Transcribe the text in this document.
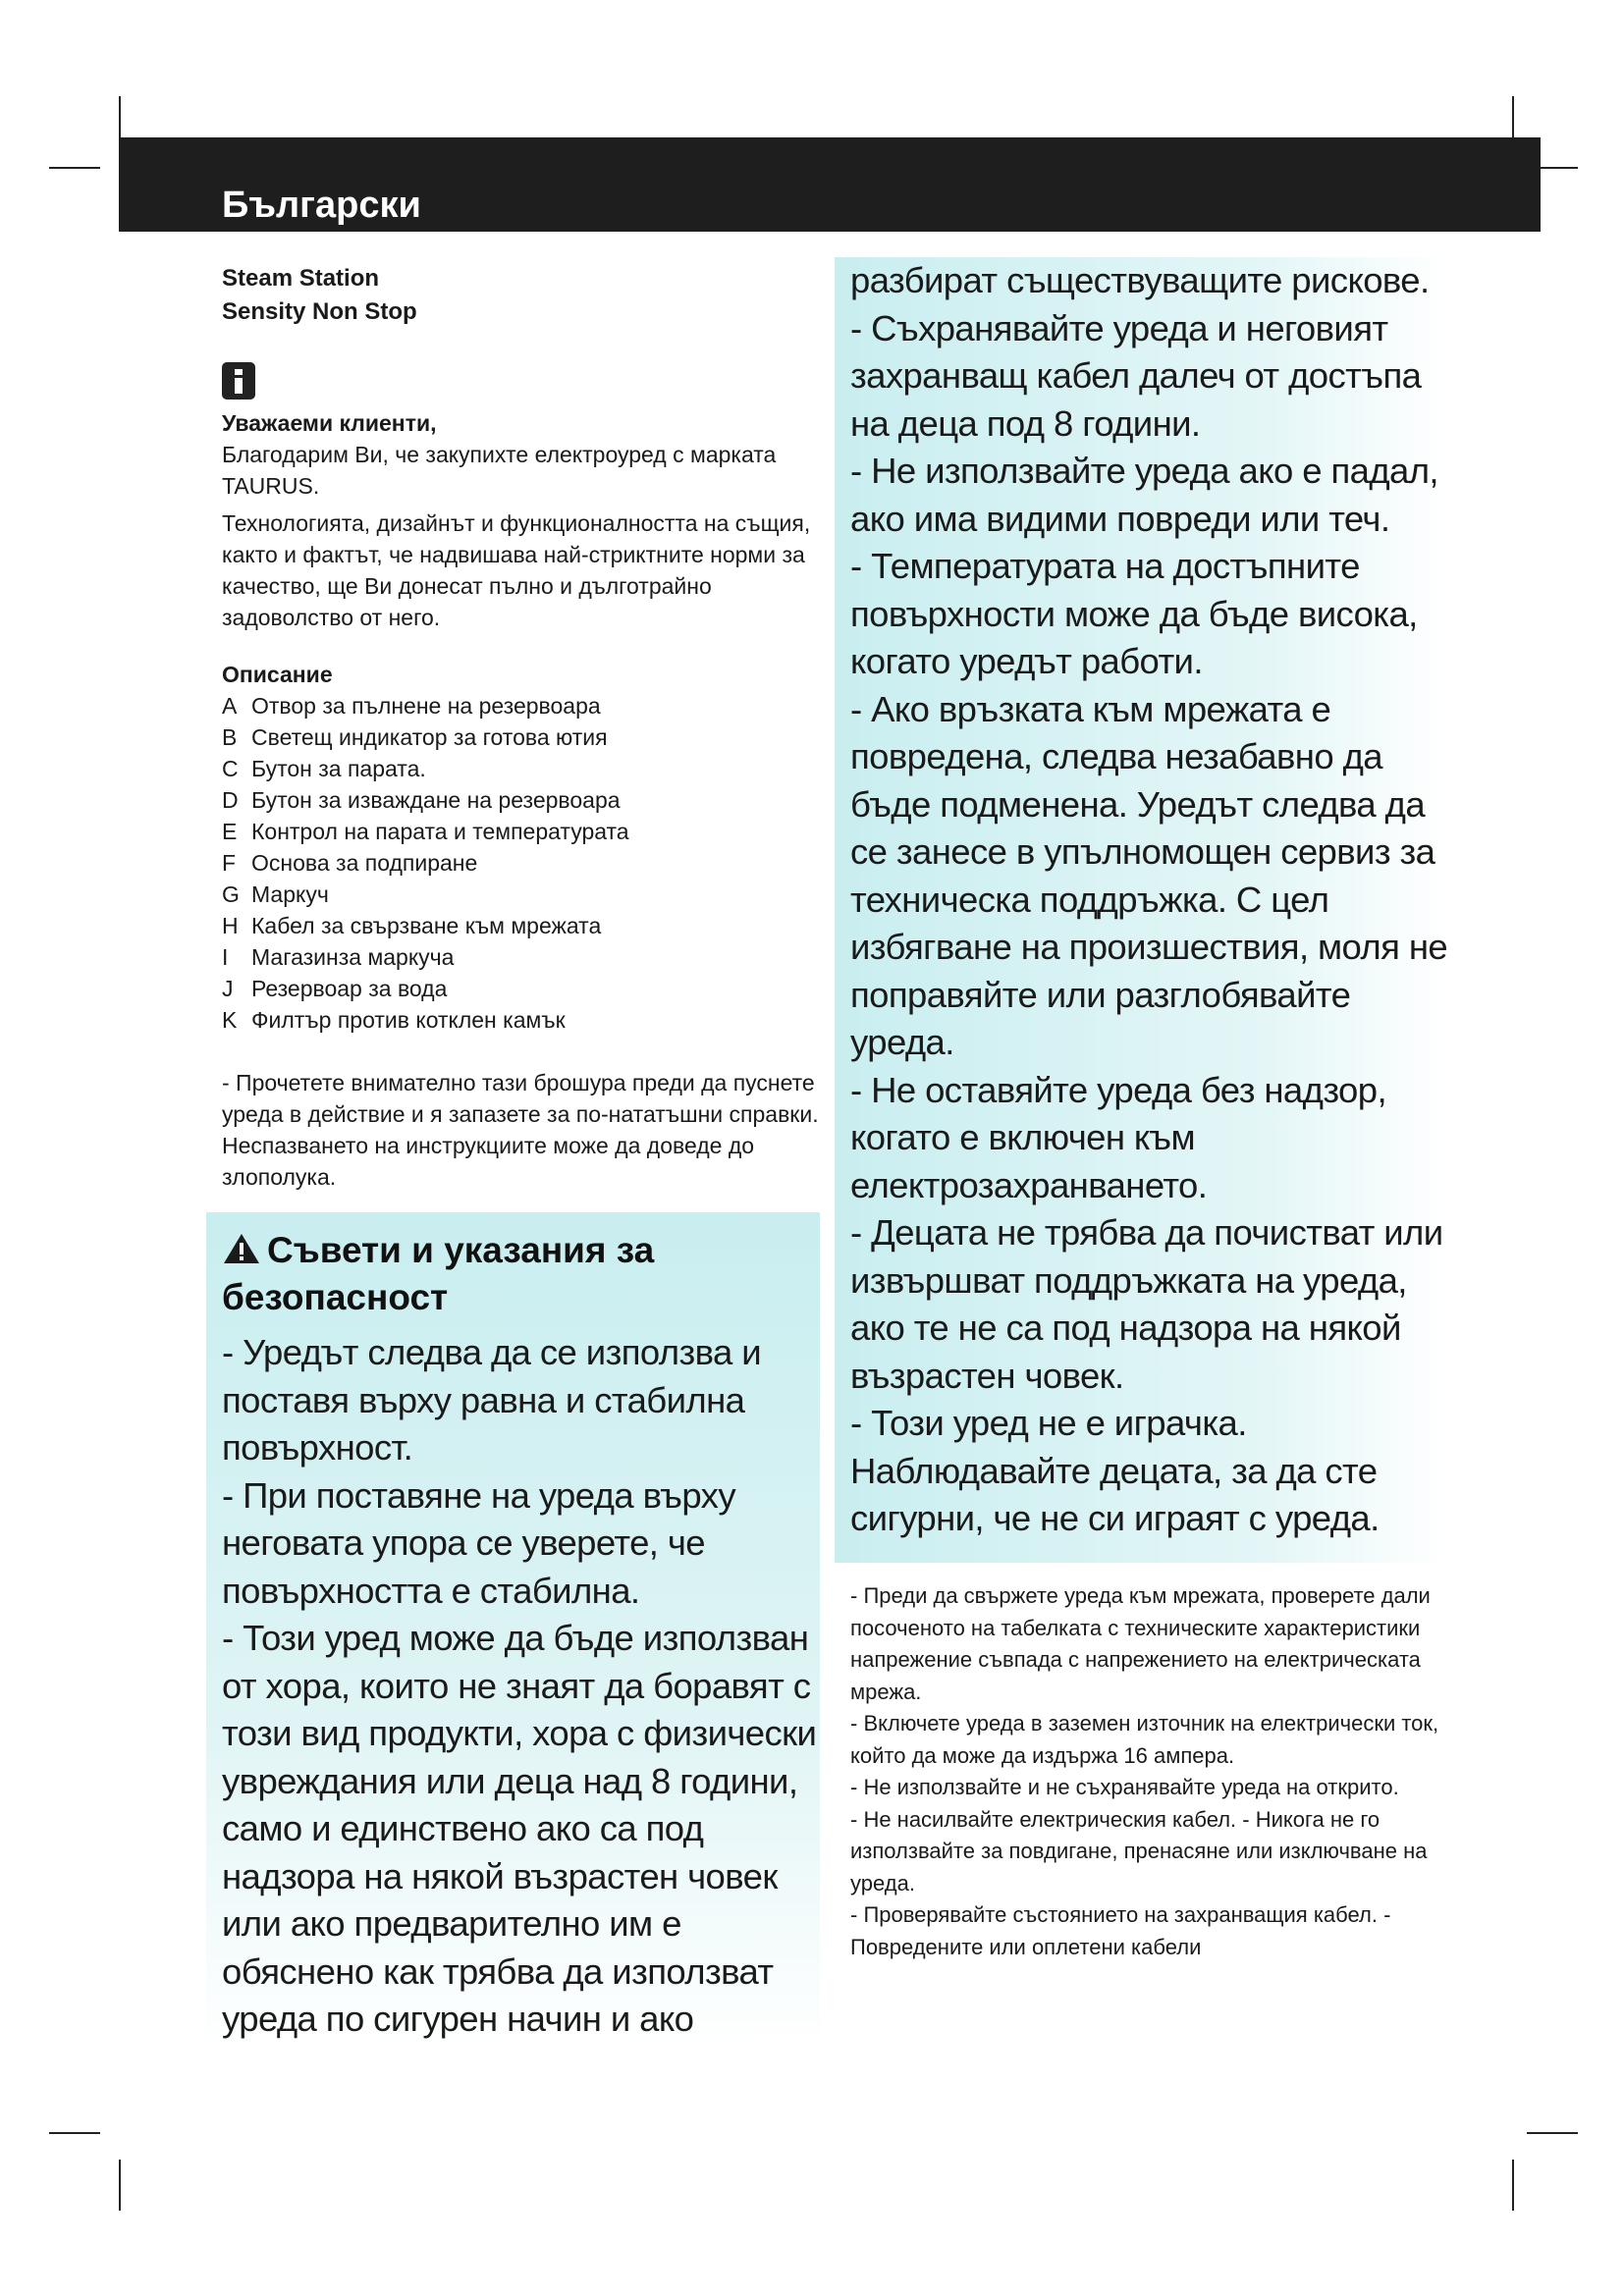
Български

Steam Station

Sensity Non Stop

Уважаеми клиенти,

Благодарим Ви, че закупихте електроуред с марката TAURUS.

Технологията, дизайнът и функционалността на същия, както и фактът, че надвишава най-стриктните норми за качество, ще Ви донесат пълно и дълготрайно задоволство от него.

Описание

A Отвор за пълнене на резервоара
B Светещ индикатор за готова ютия
C Бутон за парата.
D Бутон за изваждане на резервоара
E Контрол на парата и температурата
F Основа за подпиране
G Маркуч
H Кабел за свързване към мрежата
I Магазинза маркуча
J Резервоар за вода
K Филтър против котклен камък

- Прочетете внимателно тази брошура преди да пуснете уреда в действие и я запазете за по-нататъшни справки. Неспазването на инструкциите може да доведе до злополука.

Съвети и указания за безопасност

- Уредът следва да се използва и поставя върху равна и стабилна повърхност.

- При поставяне на уреда върху неговата упора се уверете, че повърхността е стабилна.

- Този уред може да бъде използван от хора, които не знаят да боравят с този вид продукти, хора с физически увреждания или деца над 8 години, само и единствено ако са под надзора на някой възрастен човек или ако предварително им е обяснено как трябва да използват уреда по сигурен начин и ако

разбират съществуващите рискове.

- Съхранявайте уреда и неговият захранващ кабел далеч от достъпа на деца под 8 години.

- Не използвайте уреда ако е падал, ако има видими повреди или теч.

- Температурата на достъпните повърхности може да бъде висока, когато уредът работи.

- Ако връзката към мрежата е повредена, следва незабавно да бъде подменена. Уредът следва да се занесе в упълномощен сервиз за техническа поддръжка. С цел избягване на произшествия, моля не поправяйте или разглобявайте уреда.

- Не оставяйте уреда без надзор, когато е включен към електрозахранването.

- Децата не трябва да почистват или извършват поддръжката на уреда, ако те не са под надзора на някой възрастен човек.

- Този уред не е играчка. Наблюдавайте децата, за да сте сигурни, че не си играят с уреда.

- Преди да свържете уреда към мрежата, проверете дали посоченото на табелката с техническите характеристики напрежение съвпада с напрежението на електрическата мрежа.

- Включете уреда в заземен източник на електрически ток, който да може да издържа 16 ампера.

- Не използвайте и не съхранявайте уреда на открито.

- Не насилвайте електрическия кабел. - Никога не го използвайте за повдигане, пренасяне или изключване на уреда.

- Проверявайте състоянието на захранващия кабел. - Повредените или оплетени кабели
